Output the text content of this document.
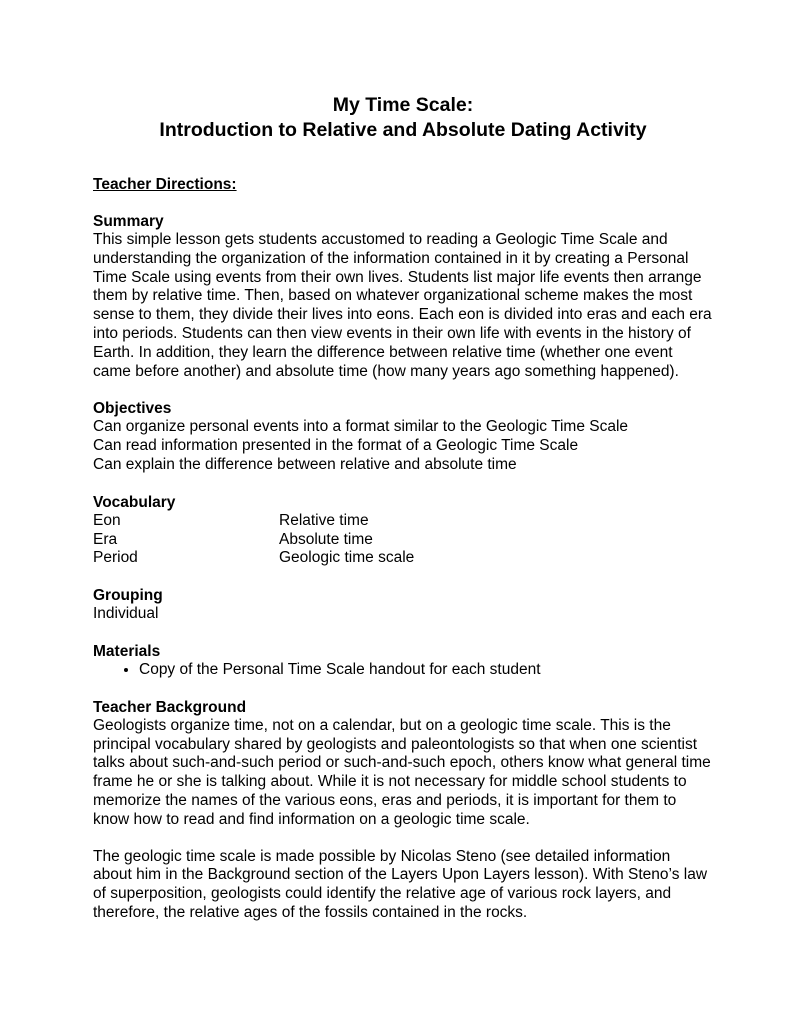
My Time Scale:
Introduction to Relative and Absolute Dating Activity
Teacher Directions:
Summary

This simple lesson gets students accustomed to reading a Geologic Time Scale and understanding the organization of the information contained in it by creating a Personal Time Scale using events from their own lives. Students list major life events then arrange them by relative time. Then, based on whatever organizational scheme makes the most sense to them, they divide their lives into eons. Each eon is divided into eras and each era into periods. Students can then view events in their own life with events in the history of Earth. In addition, they learn the difference between relative time (whether one event came before another) and absolute time (how many years ago something happened).

Objectives
Can organize personal events into a format similar to the Geologic Time Scale
Can read information presented in the format of a Geologic Time Scale
Can explain the difference between relative and absolute time
Vocabulary
Eon	Relative time
Era	Absolute time
Period	Geologic time scale
Grouping
Individual
Materials
• Copy of the Personal Time Scale handout for each student
Teacher Background

Geologists organize time, not on a calendar, but on a geologic time scale. This is the principal vocabulary shared by geologists and paleontologists so that when one scientist talks about such-and-such period or such-and-such epoch, others know what general time frame he or she is talking about. While it is not necessary for middle school students to memorize the names of the various eons, eras and periods, it is important for them to know how to read and find information on a geologic time scale.

The geologic time scale is made possible by Nicolas Steno (see detailed information about him in the Background section of the Layers Upon Layers lesson). With Steno’s law of superposition, geologists could identify the relative age of various rock layers, and therefore, the relative ages of the fossils contained in the rocks.
